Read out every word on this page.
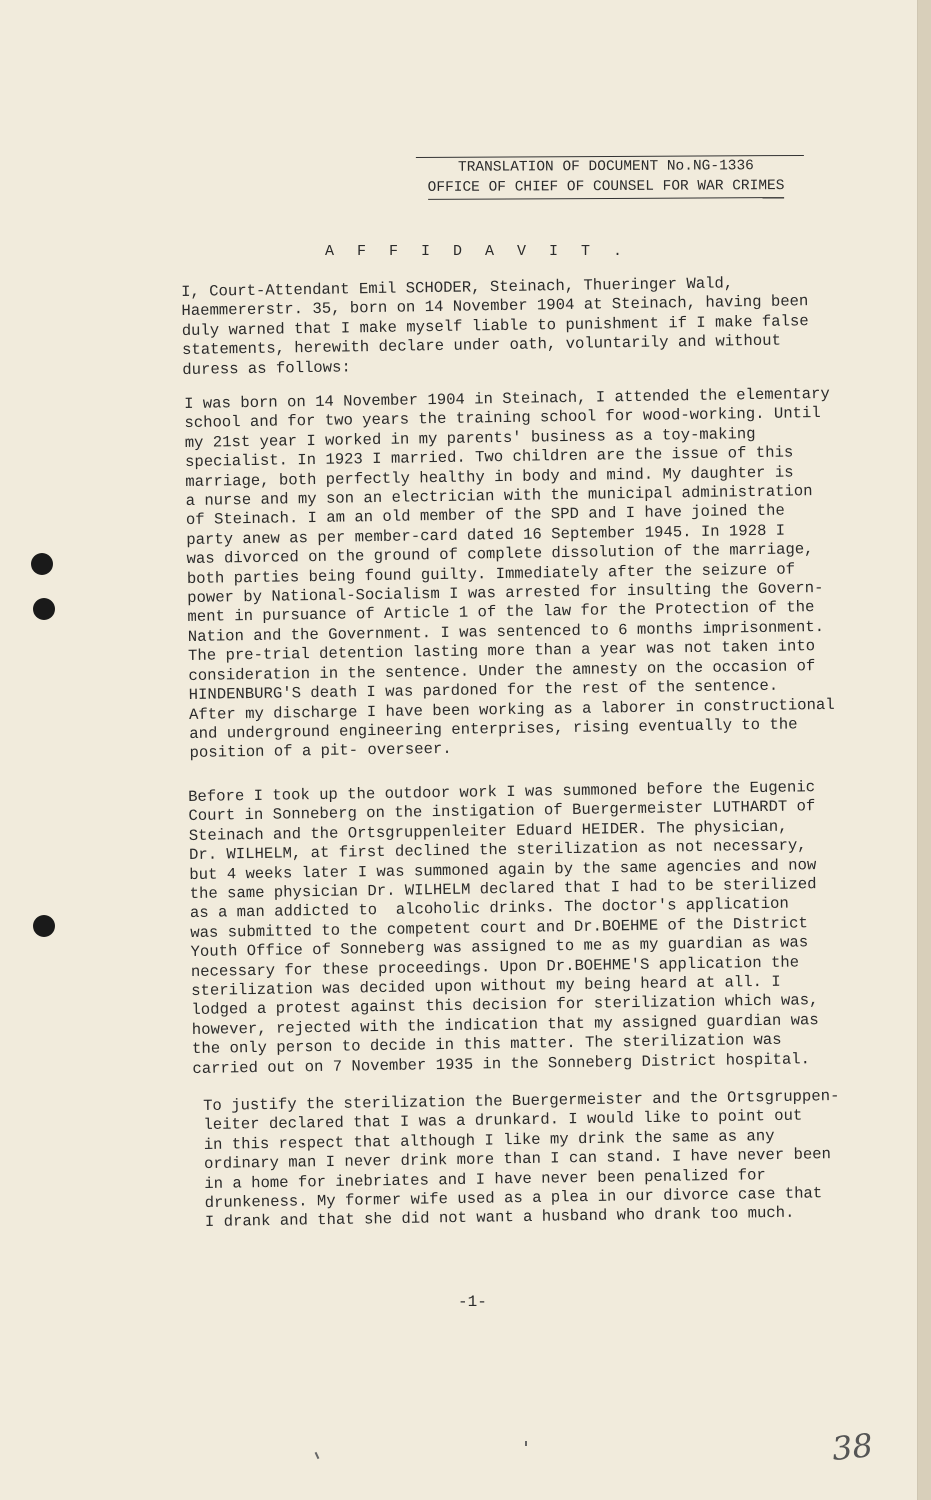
TRANSLATION OF DOCUMENT No.NG-1336
OFFICE OF CHIEF OF COUNSEL FOR WAR CRIMES
A F F I D A V I T .
I, Court-Attendant Emil SCHODER, Steinach, Thueringer Wald,
Haemmererstr. 35, born on 14 November 1904 at Steinach, having been
duly warned that I make myself liable to punishment if I make false
statements, herewith declare under oath, voluntarily and without
duress as follows:
I was born on 14 November 1904 in Steinach, I attended the elementary
school and for two years the training school for wood-working. Until
my 21st year I worked in my parents' business as a toy-making
specialist. In 1923 I married. Two children are the issue of this
marriage, both perfectly healthy in body and mind. My daughter is
a nurse and my son an electrician with the municipal administration
of Steinach. I am an old member of the SPD and I have joined the
party anew as per member-card dated 16 September 1945. In 1928 I
was divorced on the ground of complete dissolution of the marriage,
both parties being found guilty. Immediately after the seizure of
power by National-Socialism I was arrested for insulting the Govern-
ment in pursuance of Article 1 of the law for the Protection of the
Nation and the Government. I was sentenced to 6 months imprisonment.
The pre-trial detention lasting more than a year was not taken into
consideration in the sentence. Under the amnesty on the occasion of
HINDENBURG'S death I was pardoned for the rest of the sentence.
After my discharge I have been working as a laborer in constructional
and underground engineering enterprises, rising eventually to the
position of a pit- overseer.
Before I took up the outdoor work I was summoned before the Eugenic
Court in Sonneberg on the instigation of Buergermeister LUTHARDT of
Steinach and the Ortsgruppenleiter Eduard HEIDER. The physician,
Dr. WILHELM, at first declined the sterilization as not necessary,
but 4 weeks later I was summoned again by the same agencies and now
the same physician Dr. WILHELM declared that I had to be sterilized
as a man addicted to  alcoholic drinks. The doctor's application
was submitted to the competent court and Dr.BOEHME of the District
Youth Office of Sonneberg was assigned to me as my guardian as was
necessary for these proceedings. Upon Dr.BOEHME'S application the
sterilization was decided upon without my being heard at all. I
lodged a protest against this decision for sterilization which was,
however, rejected with the indication that my assigned guardian was
the only person to decide in this matter. The sterilization was
carried out on 7 November 1935 in the Sonneberg District hospital.
To justify the sterilization the Buergermeister and the Ortsgruppen-
leiter declared that I was a drunkard. I would like to point out
in this respect that although I like my drink the same as any
ordinary man I never drink more than I can stand. I have never been
in a home for inebriates and I have never been penalized for
drunkeness. My former wife used as a plea in our divorce case that
I drank and that she did not want a husband who drank too much.
-1-
38
